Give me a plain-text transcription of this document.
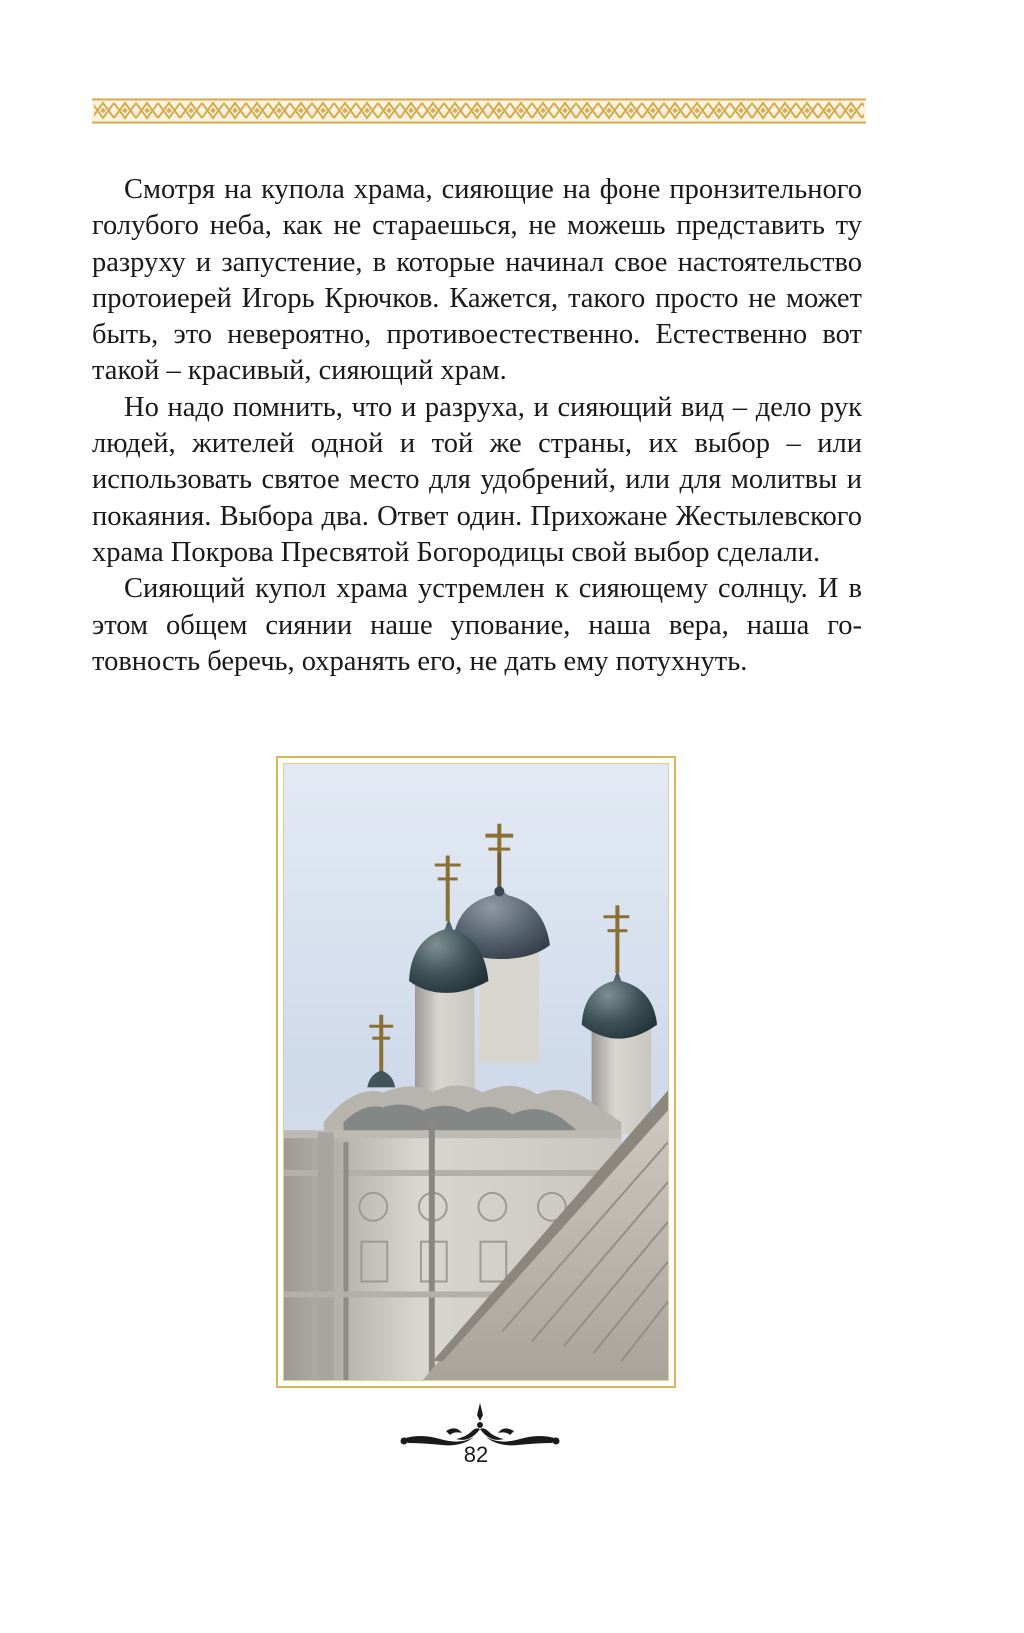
Смотря на купола храма, сияющие на фоне пронзительного голубого неба, как не стараешься, не можешь представить ту разруху и запустение, в которые начинал свое настоятельство протоиерей Игорь Крючков. Кажется, такого просто не может быть, это невероятно, противоестественно. Естественно вот такой – красивый, сияющий храм.

Но надо помнить, что и разруха, и сияющий вид – дело рук людей, жителей одной и той же страны, их выбор – или использовать святое место для удобрений, или для молитвы и покаяния. Выбора два. Ответ один. Прихожане Жестылевского храма Покрова Пресвятой Богородицы свой выбор сделали.

Сияющий купол храма устремлен к сияющему солнцу. И в этом общем сиянии наше упование, наша вера, наша готовность беречь, охранять его, не дать ему потухнуть.

82
